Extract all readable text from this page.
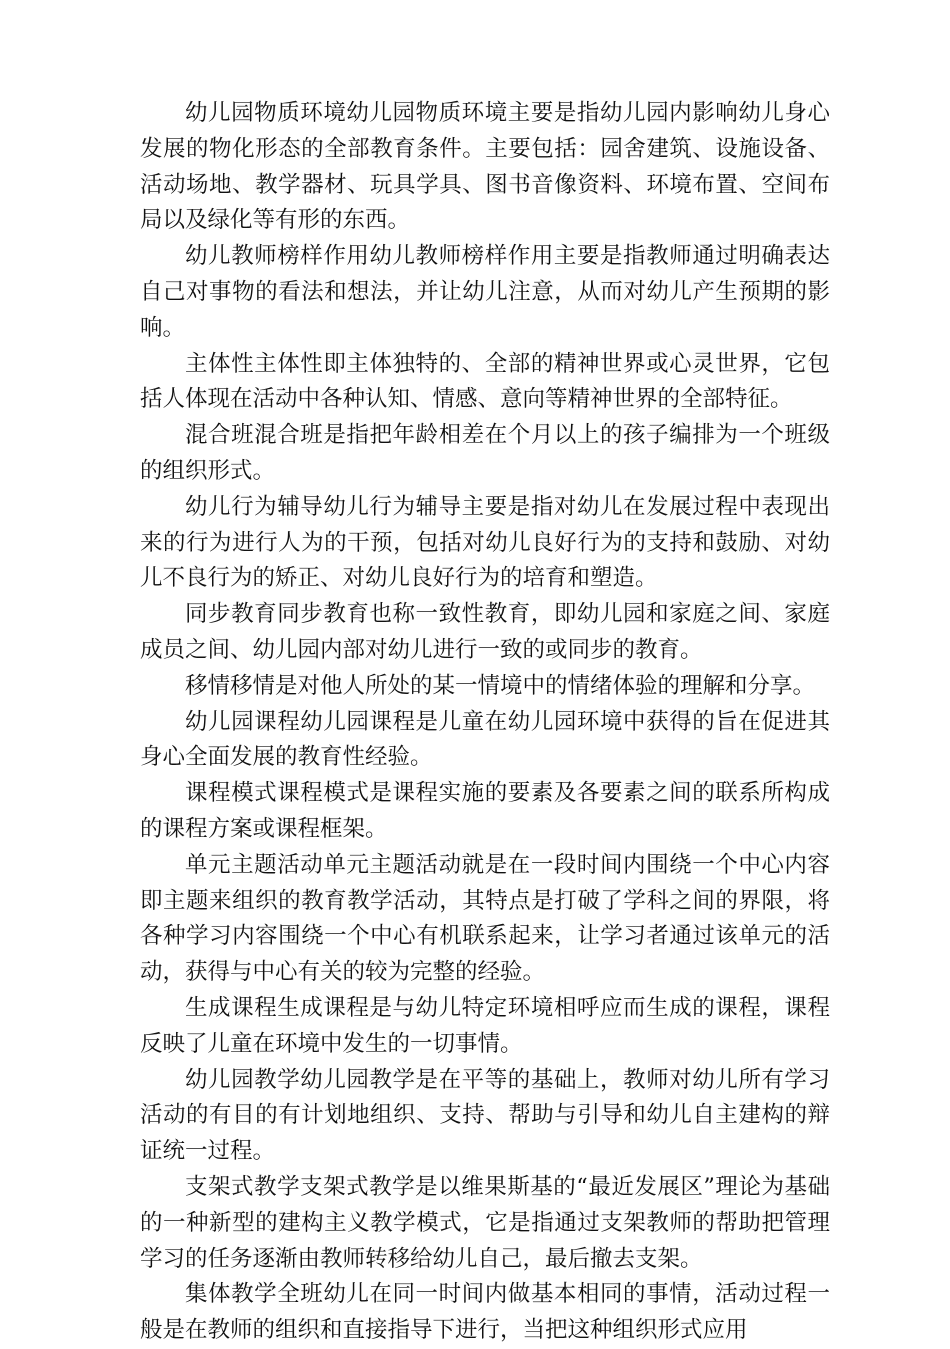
幼儿园物质环境幼儿园物质环境主要是指幼儿园内影响幼儿身心发展的物化形态的全部教育条件。主要包括：园舍建筑、设施设备、活动场地、教学器材、玩具学具、图书音像资料、环境布置、空间布局以及绿化等有形的东西。

幼儿教师榜样作用幼儿教师榜样作用主要是指教师通过明确表达自己对事物的看法和想法，并让幼儿注意，从而对幼儿产生预期的影响。

主体性主体性即主体独特的、全部的精神世界或心灵世界，它包括人体现在活动中各种认知、情感、意向等精神世界的全部特征。

混合班混合班是指把年龄相差在个月以上的孩子编排为一个班级的组织形式。

幼儿行为辅导幼儿行为辅导主要是指对幼儿在发展过程中表现出来的行为进行人为的干预，包括对幼儿良好行为的支持和鼓励、对幼儿不良行为的矫正、对幼儿良好行为的培育和塑造。

同步教育同步教育也称一致性教育，即幼儿园和家庭之间、家庭成员之间、幼儿园内部对幼儿进行一致的或同步的教育。

移情移情是对他人所处的某一情境中的情绪体验的理解和分享。

幼儿园课程幼儿园课程是儿童在幼儿园环境中获得的旨在促进其身心全面发展的教育性经验。

课程模式课程模式是课程实施的要素及各要素之间的联系所构成的课程方案或课程框架。

单元主题活动单元主题活动就是在一段时间内围绕一个中心内容即主题来组织的教育教学活动，其特点是打破了学科之间的界限，将各种学习内容围绕一个中心有机联系起来，让学习者通过该单元的活动，获得与中心有关的较为完整的经验。

生成课程生成课程是与幼儿特定环境相呼应而生成的课程，课程反映了儿童在环境中发生的一切事情。

幼儿园教学幼儿园教学是在平等的基础上，教师对幼儿所有学习活动的有目的有计划地组织、支持、帮助与引导和幼儿自主建构的辩证统一过程。

支架式教学支架式教学是以维果斯基的“最近发展区”理论为基础的一种新型的建构主义教学模式，它是指通过支架教师的帮助把管理学习的任务逐渐由教师转移给幼儿自己，最后撤去支架。

集体教学全班幼儿在同一时间内做基本相同的事情，活动过程一般是在教师的组织和直接指导下进行，当把这种组织形式应用
